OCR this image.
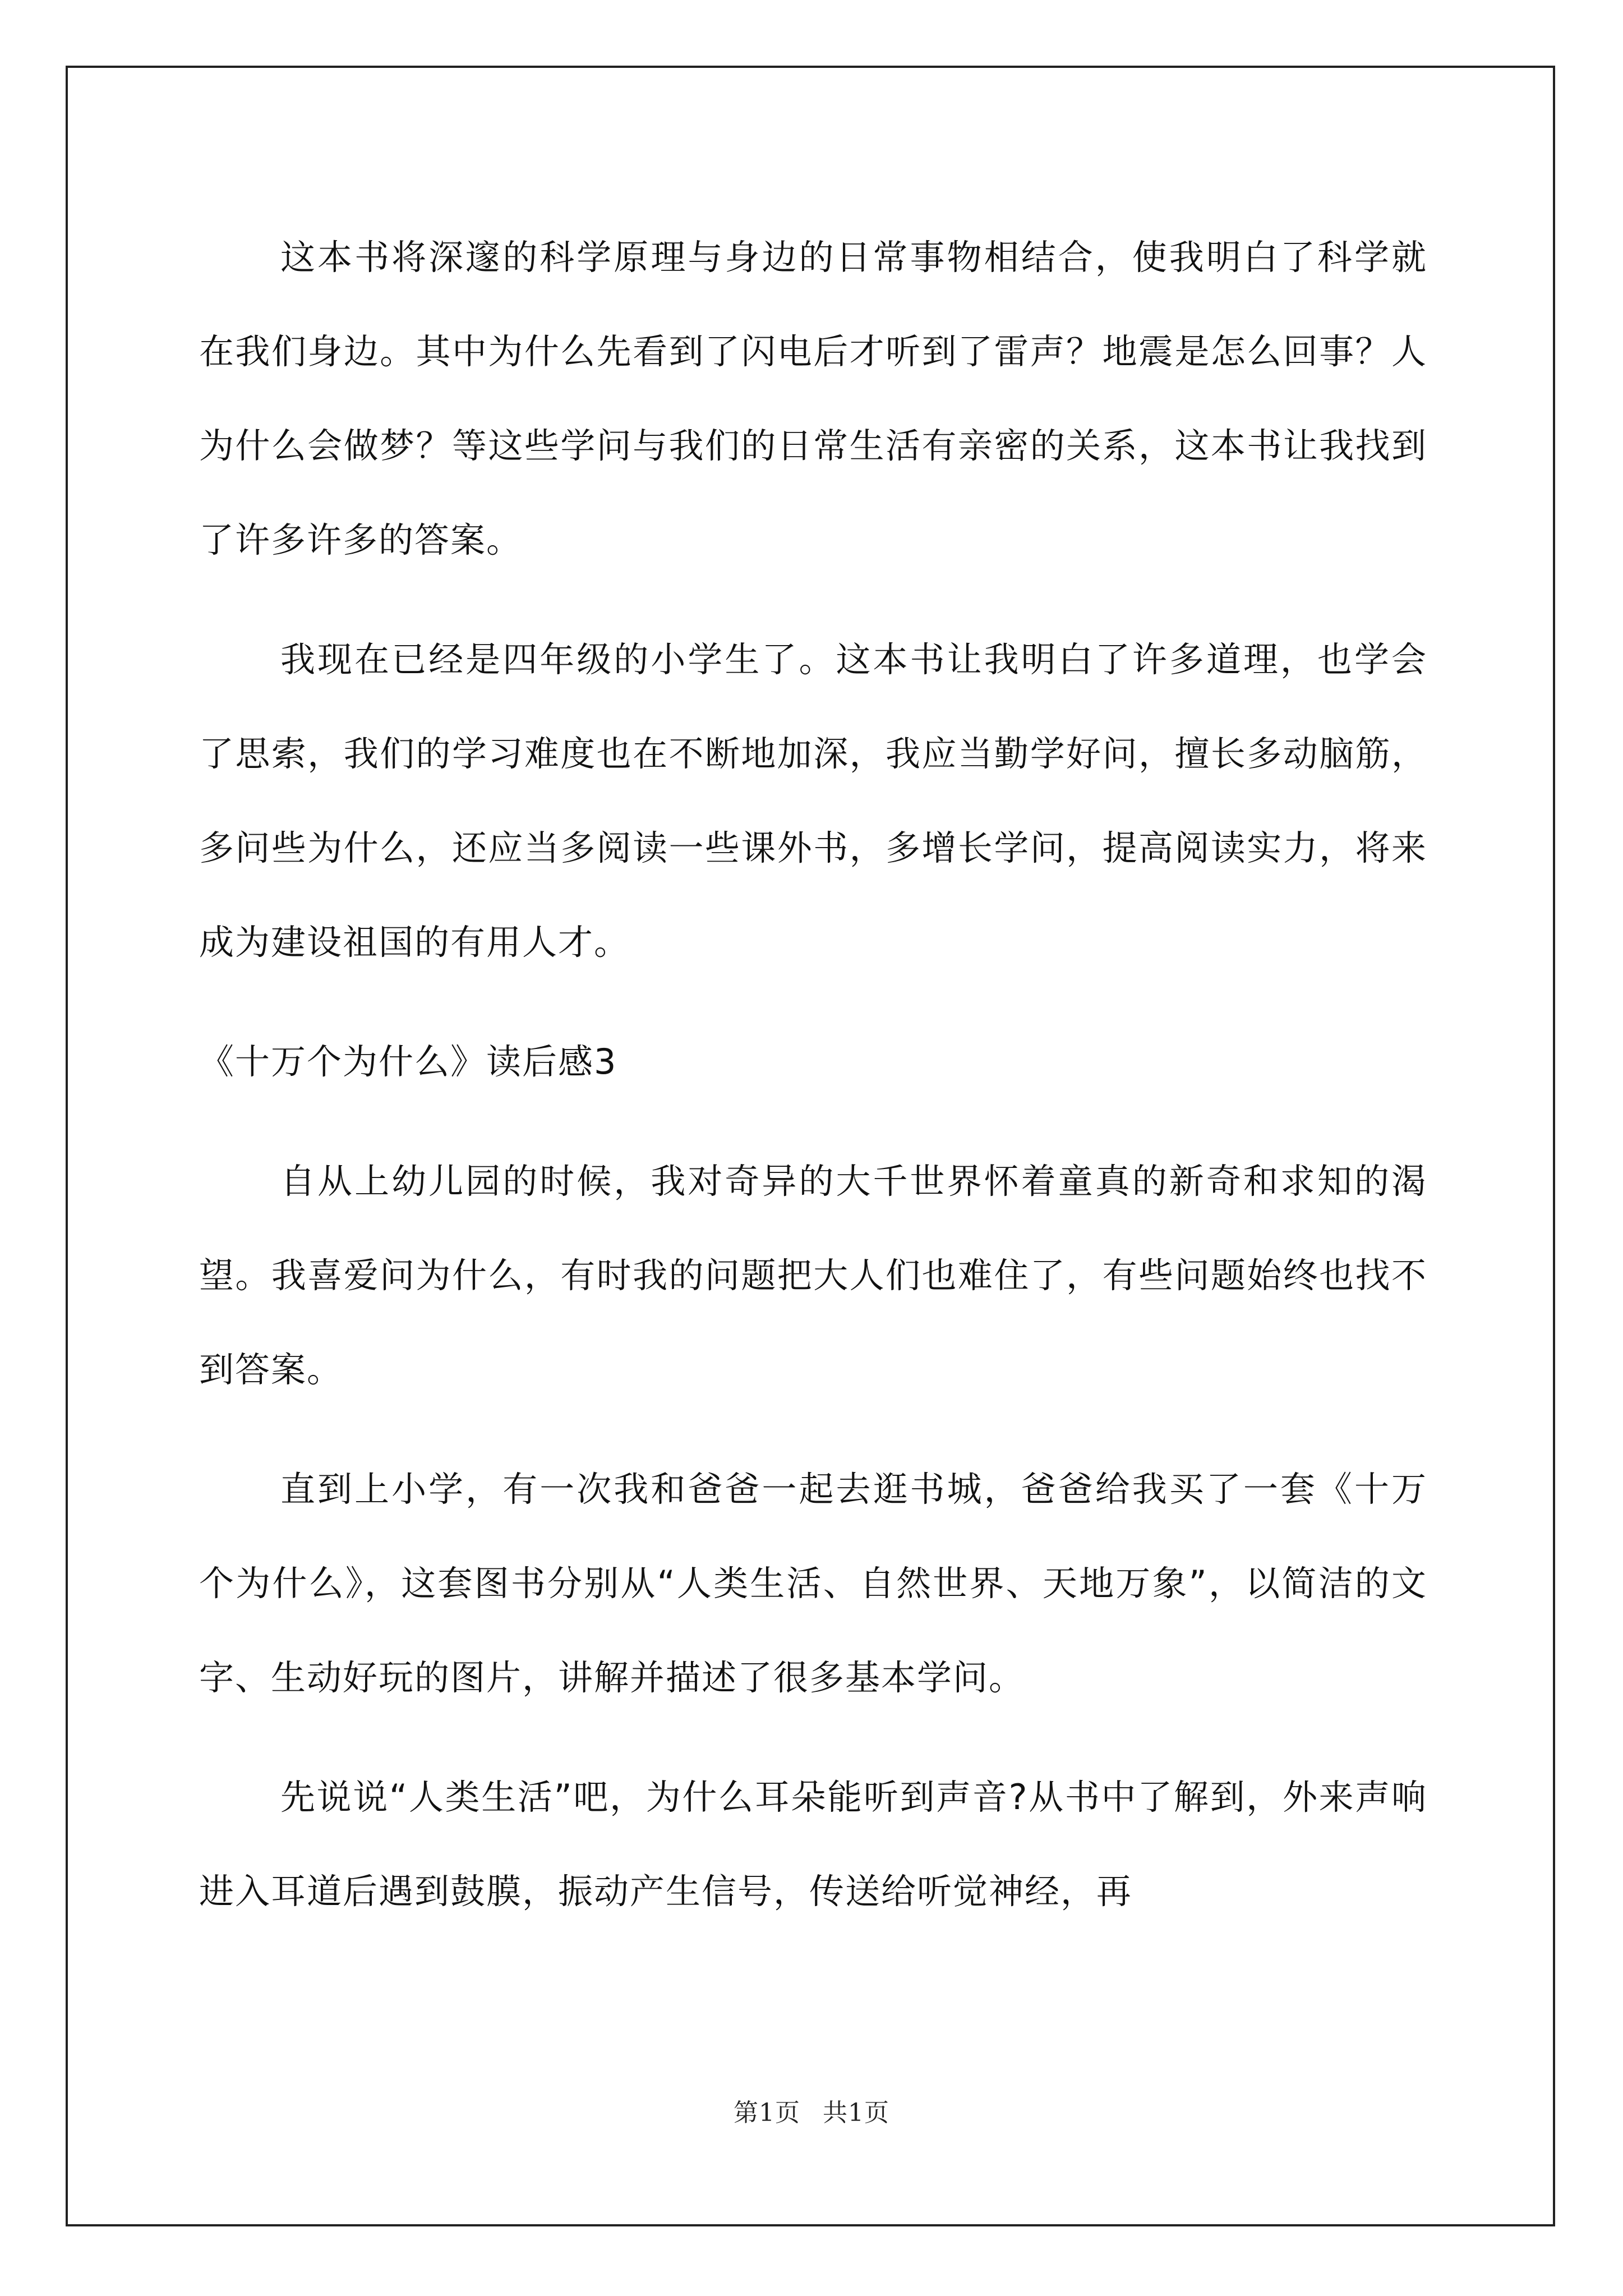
这本书将深邃的科学原理与身边的日常事物相结合，使我明白了科学就在我们身边。其中为什么先看到了闪电后才听到了雷声？地震是怎么回事？人为什么会做梦？等这些学问与我们的日常生活有亲密的关系，这本书让我找到了许多许多的答案。

我现在已经是四年级的小学生了。这本书让我明白了许多道理，也学会了思索，我们的学习难度也在不断地加深，我应当勤学好问，擅长多动脑筋，多问些为什么，还应当多阅读一些课外书，多增长学问，提高阅读实力，将来成为建设祖国的有用人才。

《十万个为什么》读后感3

自从上幼儿园的时候，我对奇异的大千世界怀着童真的新奇和求知的渴望。我喜爱问为什么，有时我的问题把大人们也难住了，有些问题始终也找不到答案。

直到上小学，有一次我和爸爸一起去逛书城，爸爸给我买了一套《十万个为什么》，这套图书分别从“人类生活、自然世界、天地万象”，以简洁的文字、生动好玩的图片，讲解并描述了很多基本学问。

先说说“人类生活”吧，为什么耳朵能听到声音?从书中了解到，外来声响进入耳道后遇到鼓膜，振动产生信号，传送给听觉神经，再

第1页 共1页
